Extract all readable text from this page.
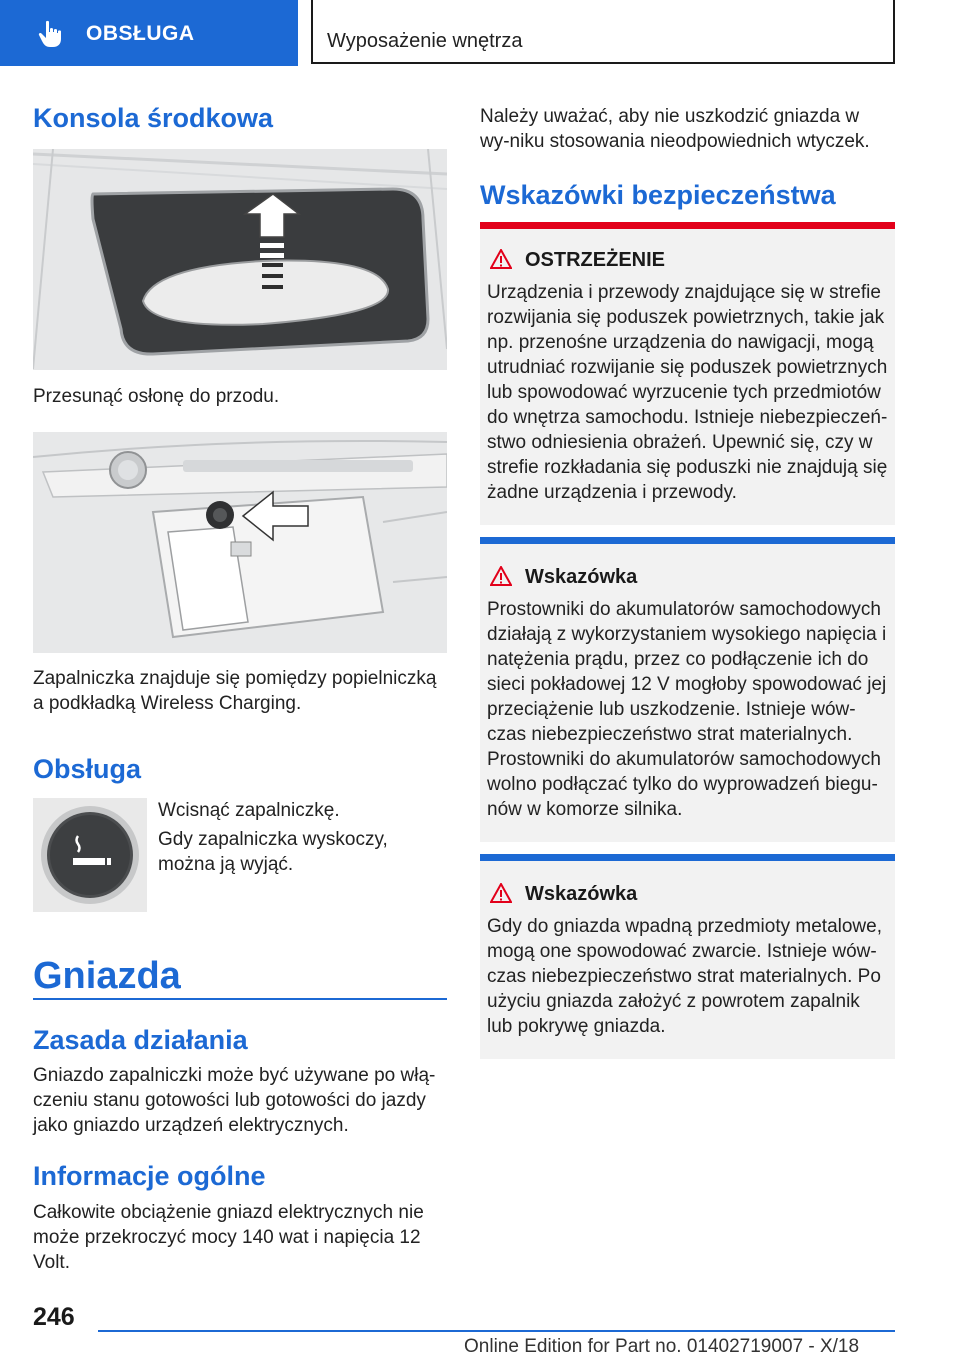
OBSŁUGA	Wyposażenie wnętrza
Konsola środkowa
Przesunąć osłonę do przodu.
Zapalniczka znajduje się pomiędzy popielniczką a podkładką Wireless Charging.
Obsługa
Wcisnąć zapalniczkę.
Gdy zapalniczka wyskoczy, można ją wyjąć.
Gniazda
Zasada działania
Gniazdo zapalniczki może być używane po włą-czeniu stanu gotowości lub gotowości do jazdy jako gniazdo urządzeń elektrycznych.
Informacje ogólne
Całkowite obciążenie gniazd elektrycznych nie może przekroczyć mocy 140 wat i napięcia 12 Volt.
Należy uważać, aby nie uszkodzić gniazda w wy-niku stosowania nieodpowiednich wtyczek.
Wskazówki bezpieczeństwa
OSTRZEŻENIE
Urządzenia i przewody znajdujące się w strefie rozwijania się poduszek powietrznych, takie jak np. przenośne urządzenia do nawigacji, mogą utrudniać rozwijanie się poduszek powietrznych lub spowodować wyrzucenie tych przedmiotów do wnętrza samochodu. Istnieje niebezpieczeń-stwo odniesienia obrażeń. Upewnić się, czy w strefie rozkładania się poduszki nie znajdują się żadne urządzenia i przewody.
Wskazówka
Prostowniki do akumulatorów samochodowych działają z wykorzystaniem wysokiego napięcia i natężenia prądu, przez co podłączenie ich do sieci pokładowej 12 V mogłoby spowodować jej przeciążenie lub uszkodzenie. Istnieje wów-czas niebezpieczeństwo strat materialnych. Prostowniki do akumulatorów samochodowych wolno podłączać tylko do wyprowadzeń biegu-nów w komorze silnika.
Wskazówka
Gdy do gniazda wpadną przedmioty metalowe, mogą one spowodować zwarcie. Istnieje wów-czas niebezpieczeństwo strat materialnych. Po użyciu gniazda założyć z powrotem zapalnik lub pokrywę gniazda.
246
Online Edition for Part no. 01402719007 - X/18
